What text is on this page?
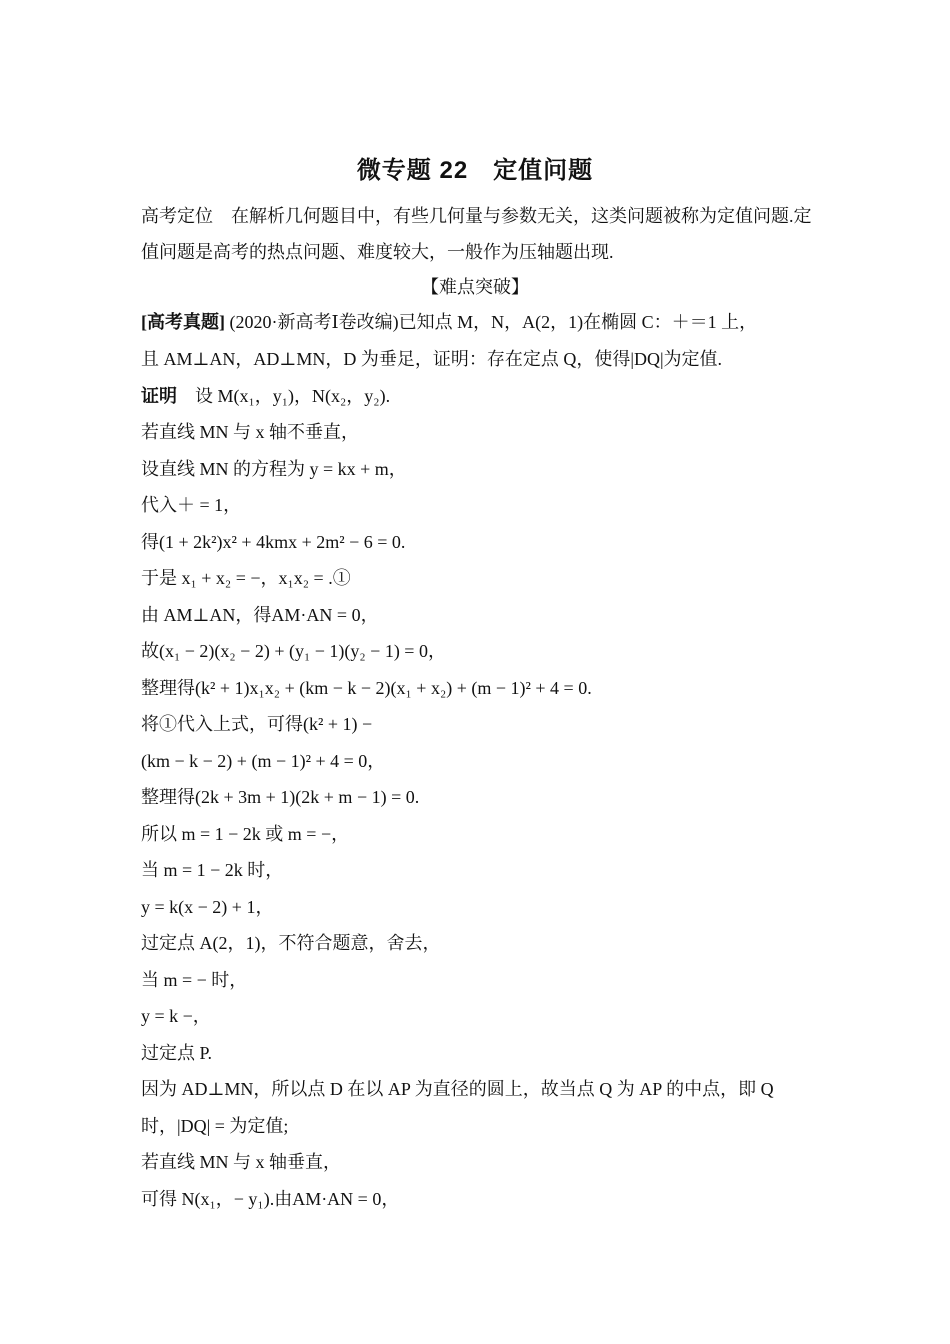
微专题 22　定值问题
高考定位　在解析几何题目中，有些几何量与参数无关，这类问题被称为定值问题.定值问题是高考的热点问题、难度较大，一般作为压轴题出现.
【难点突破】
[高考真题] (2020·新高考Ⅰ卷改编)已知点 M，N，A(2，1)在椭圆 C：＋＝1 上，
且 AM⊥AN，AD⊥MN，D 为垂足，证明：存在定点 Q，使得|DQ|为定值.
证明　设 M(x₁，y₁)，N(x₂，y₂).
若直线 MN 与 x 轴不垂直，
设直线 MN 的方程为 y = kx + m，
代入＋ = 1，
得(1 + 2k²)x² + 4kmx + 2m² − 6 = 0.
于是 x₁ + x₂ = −，x₁x₂ = .①
由 AM⊥AN，得AM·AN = 0，
故(x₁ − 2)(x₂ − 2) + (y₁ − 1)(y₂ − 1) = 0，
整理得(k² + 1)x₁x₂ + (km − k − 2)(x₁ + x₂) + (m − 1)² + 4 = 0.
将①代入上式，可得(k² + 1) −
(km − k − 2) + (m − 1)² + 4 = 0，
整理得(2k + 3m + 1)(2k + m − 1) = 0.
所以 m = 1 − 2k 或 m = −，
当 m = 1 − 2k 时，
y = k(x − 2) + 1，
过定点 A(2，1)，不符合题意，舍去，
当 m = − 时，
y = k −，
过定点 P.
因为 AD⊥MN，所以点 D 在以 AP 为直径的圆上，故当点 Q 为 AP 的中点，即 Q
时，|DQ| = 为定值;
若直线 MN 与 x 轴垂直，
可得 N(x₁，− y₁).由AM·AN = 0，
